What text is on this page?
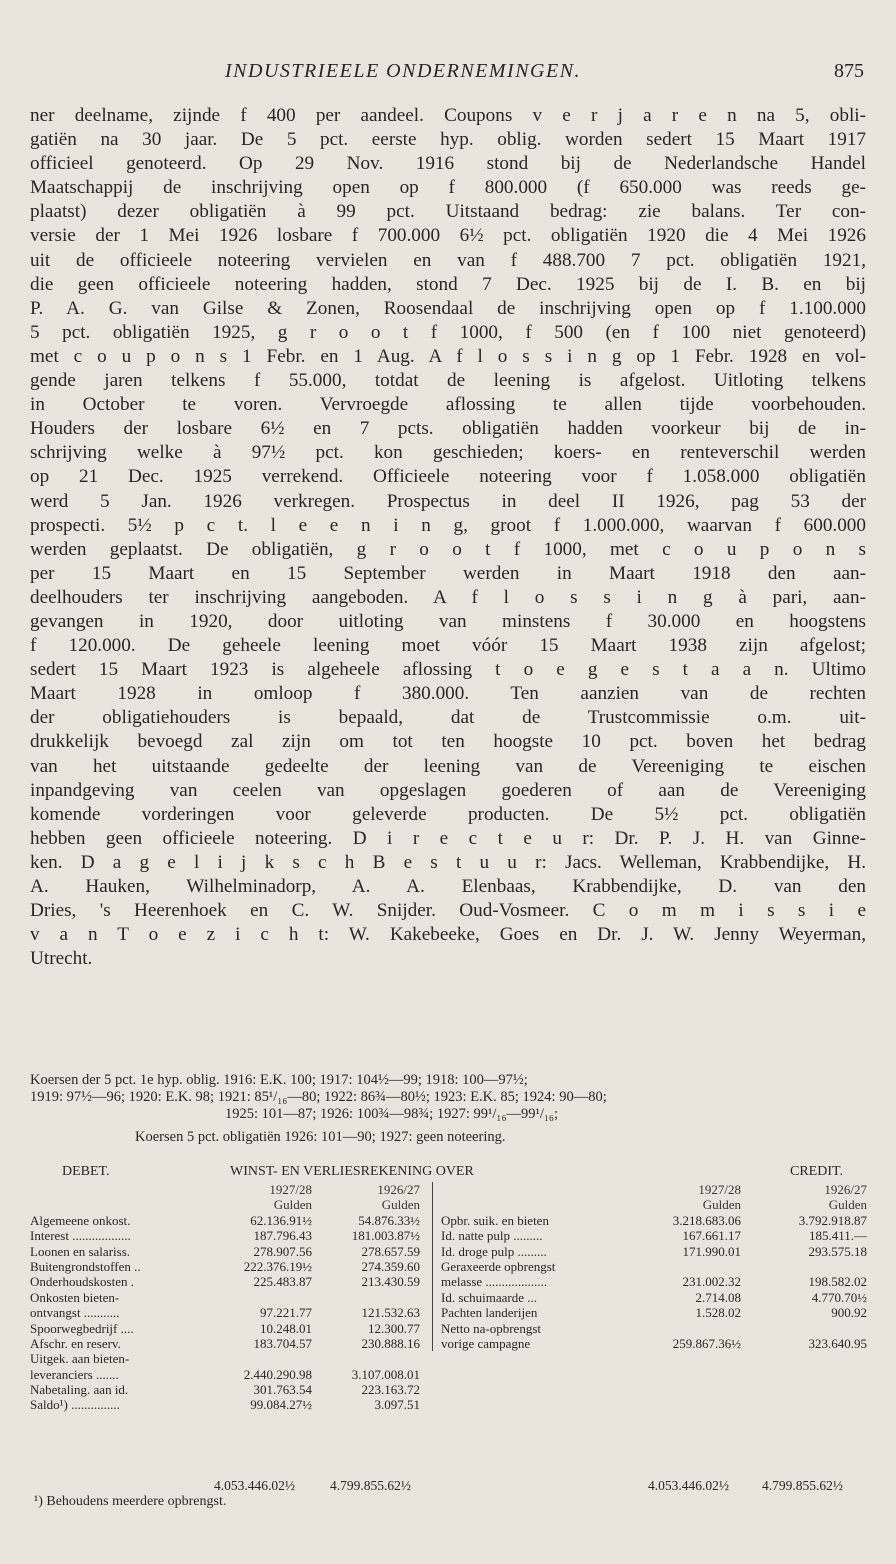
INDUSTRIEELE ONDERNEMINGEN.	875
ner deelname, zijnde f 400 per aandeel. Coupons v e r j a r e n na 5, obli-
gatiën na 30 jaar. De 5 pct. eerste hyp. oblig. worden sedert 15 Maart 1917
officieel genoteerd. Op 29 Nov. 1916 stond bij de Nederlandsche Handel
Maatschappij de inschrijving open op f 800.000 (f 650.000 was reeds ge-
plaatst) dezer obligatiën à 99 pct. Uitstaand bedrag: zie balans. Ter con-
versie der 1 Mei 1926 losbare f 700.000 6½ pct. obligatiën 1920 die 4 Mei 1926
uit de officieele noteering vervielen en van f 488.700 7 pct. obligatiën 1921,
die geen officieele noteering hadden, stond 7 Dec. 1925 bij de I. B. en bij
P. A. G. van Gilse & Zonen, Roosendaal de inschrijving open op f 1.100.000
5 pct. obligatiën 1925, g r o o t f 1000, f 500 (en f 100 niet genoteerd)
met c o u p o n s 1 Febr. en 1 Aug. A f l o s s i n g op 1 Febr. 1928 en vol-
gende jaren telkens f 55.000, totdat de leening is afgelost. Uitloting telkens
in October te voren. Vervroegde aflossing te allen tijde voorbehouden.
Houders der losbare 6½ en 7 pcts. obligatiën hadden voorkeur bij de in-
schrijving welke à 97½ pct. kon geschieden; koers- en renteverschil werden
op 21 Dec. 1925 verrekend. Officieele noteering voor f 1.058.000 obligatiën
werd 5 Jan. 1926 verkregen. Prospectus in deel II 1926, pag 53 der
prospecti. 5½ p c t. l e e n i n g, groot f 1.000.000, waarvan f 600.000
werden geplaatst. De obligatiën, g r o o t f 1000, met c o u p o n s
per 15 Maart en 15 September werden in Maart 1918 den aan-
deelhouders ter inschrijving aangeboden. A f l o s s i n g à pari, aan-
gevangen in 1920, door uitloting van minstens f 30.000 en hoogstens
f 120.000. De geheele leening moet vóór 15 Maart 1938 zijn afgelost;
sedert 15 Maart 1923 is algeheele aflossing t o e g e s t a a n. Ultimo
Maart 1928 in omloop f 380.000. Ten aanzien van de rechten
der obligatiehouders is bepaald, dat de Trustcommissie o.m. uit-
drukkelijk bevoegd zal zijn om tot ten hoogste 10 pct. boven het bedrag
van het uitstaande gedeelte der leening van de Vereeniging te eischen
inpandgeving van ceelen van opgeslagen goederen of aan de Vereeniging
komende vorderingen voor geleverde producten. De 5½ pct. obligatiën
hebben geen officieele noteering. D i r e c t e u r: Dr. P. J. H. van Ginne-
ken. D a g e l i j k s c h B e s t u u r: Jacs. Welleman, Krabbendijke, H.
A. Hauken, Wilhelminadorp, A. A. Elenbaas, Krabbendijke, D. van den
Dries, 's Heerenhoek en C. W. Snijder. Oud-Vosmeer. C o m m i s s i e
v a n T o e z i c h t: W. Kakebeeke, Goes en Dr. J. W. Jenny Weyerman,
Utrecht.
Koersen der 5 pct. 1e hyp. oblig. 1916: E.K. 100; 1917: 104½—99; 1918: 100—97½;
1919: 97½—96; 1920: E.K. 98; 1921: 85¹/₁₆—80; 1922: 86¾—80½; 1923: E.K. 85; 1924: 90—80;
1925: 101—87; 1926: 100¾—98¾; 1927: 99¹/₁₆—99¹/₁₆;
Koersen 5 pct. obligatiën 1926: 101—90; 1927: geen noteering.
DEBET.	WINST- EN VERLIESREKENING OVER	CREDIT.
1927/28	1926/27
Gulden	Gulden
Algemeene onkost.	62.136.91½	54.876.33½
Interest ..................	187.796.43	181.003.87½
Loonen en salariss.	278.907.56	278.657.59
Buitengrondstoffen ..	222.376.19½	274.359.60
Onderhoudskosten .	225.483.87	213.430.59
Onkosten bieten-
ontvangst ...........	97.221.77	121.532.63
Spoorwegbedrijf ....	10.248.01	12.300.77
Afschr. en reserv.	183.704.57	230.888.16
Uitgek. aan bieten-
leveranciers .......	2.440.290.98	3.107.008.01
Nabetaling. aan id.	301.763.54	223.163.72
Saldo¹) ...............	99.084.27½	3.097.51
1927/28	1926/27
Gulden	Gulden
Opbr. suik. en bieten	3.218.683.06	3.792.918.87
Id. natte pulp .........	167.661.17	185.411.—
Id. droge pulp .........	171.990.01	293.575.18
Geraxeerde opbrengst
melasse ...................	231.002.32	198.582.02
Id. schuimaarde ...	2.714.08	4.770.70½
Pachten landerijen	1.528.02	900.92
Netto na-opbrengst
vorige campagne	259.867.36½	323.640.95
4.053.446.02½	4.799.855.62½	4.053.446.02½ 4.799.855.62½
¹) Behoudens meerdere opbrengst.
